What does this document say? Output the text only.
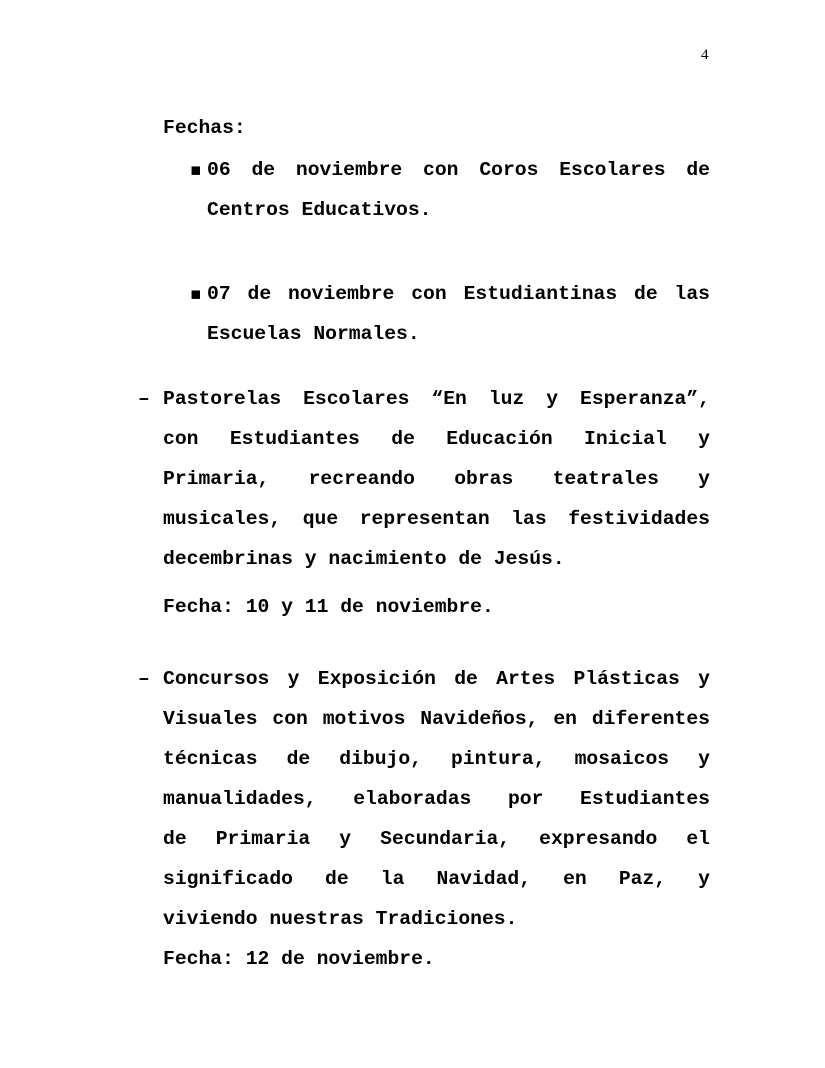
4
Fechas:
▪ 06 de noviembre con Coros Escolares de
Centros Educativos.
▪ 07 de noviembre con Estudiantinas de las
Escuelas Normales.
– Pastorelas Escolares “En luz y Esperanza”,
con Estudiantes de Educación Inicial y
Primaria, recreando obras teatrales y
musicales, que representan las festividades
decembrinas y nacimiento de Jesús.
Fecha: 10 y 11 de noviembre.
– Concursos y Exposición de Artes Plásticas y
Visuales con motivos Navideños, en diferentes
técnicas de dibujo, pintura, mosaicos y
manualidades, elaboradas por Estudiantes
de Primaria y Secundaria, expresando el
significado de la Navidad, en Paz, y
viviendo nuestras Tradiciones.
Fecha: 12 de noviembre.
